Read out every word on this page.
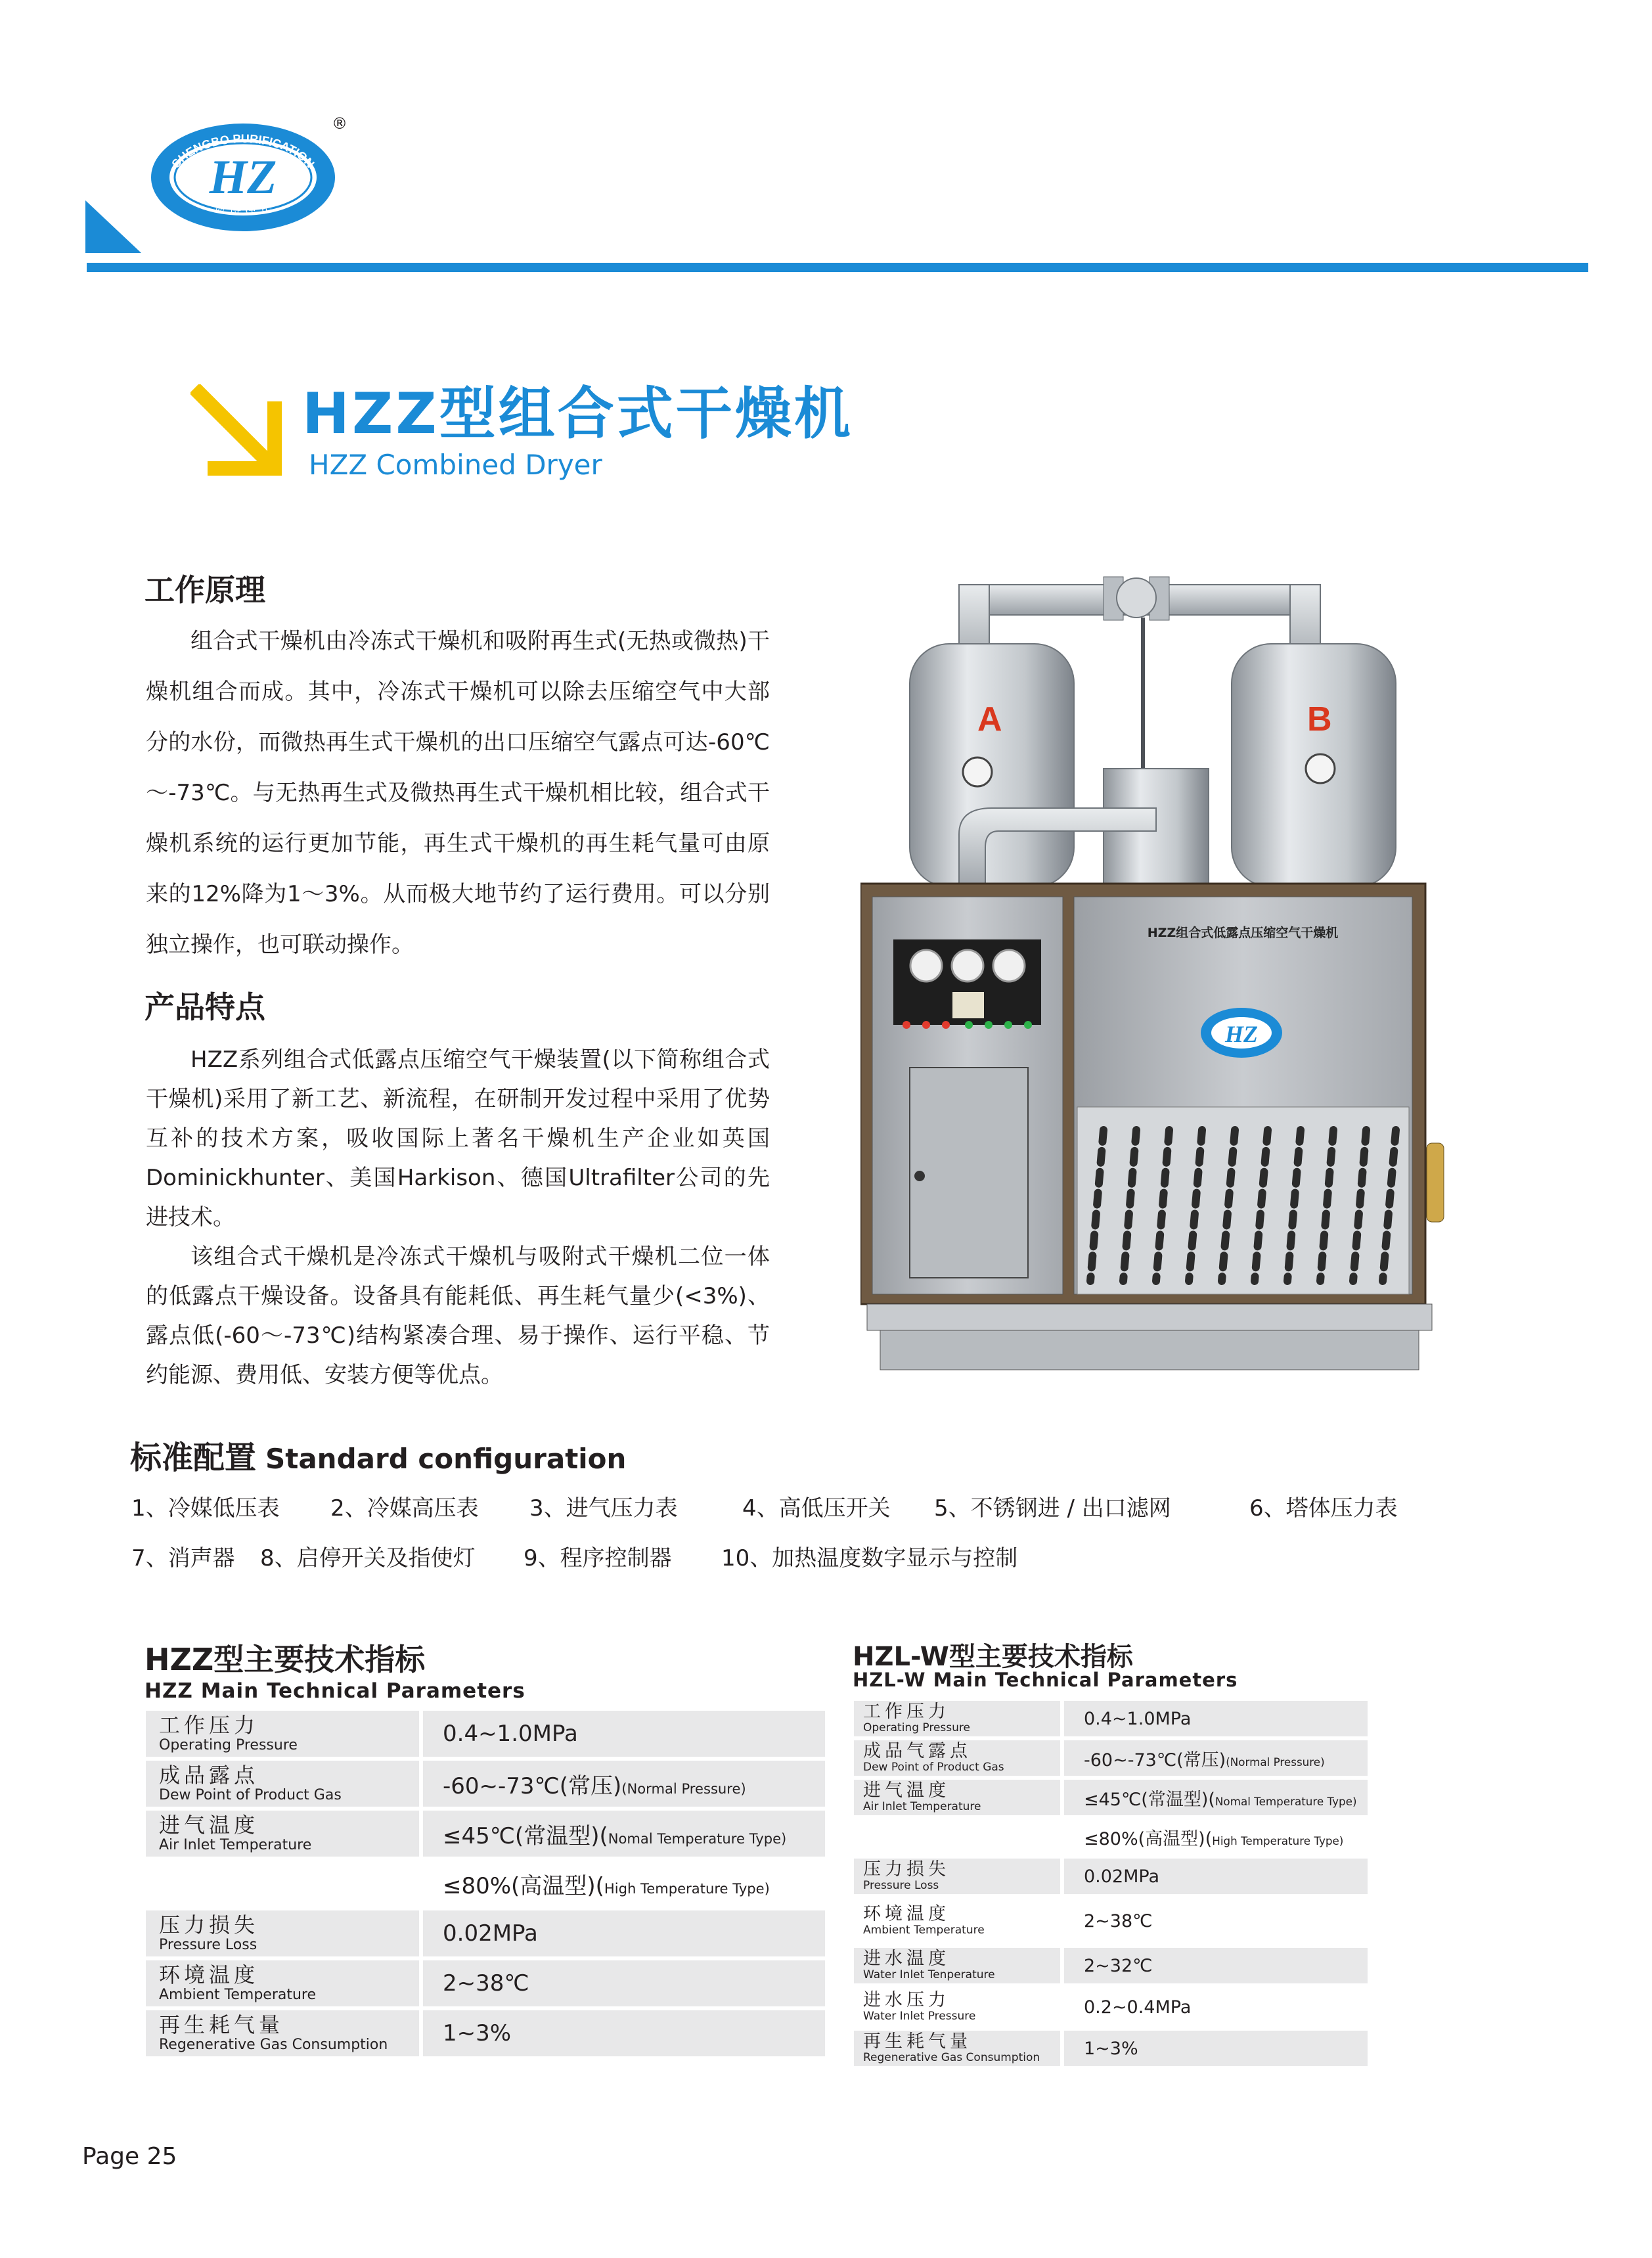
HZ
SHENGBO PURIFICATION
盛 博 淨 化
®
HZZ型组合式干燥机
HZZ Combined Dryer
工作原理

组合式干燥机由冷冻式干燥机和吸附再生式(无热或微热)干燥机组合而成。其中，冷冻式干燥机可以除去压缩空气中大部分的水份，而微热再生式干燥机的出口压缩空气露点可达-60℃～-73℃。与无热再生式及微热再生式干燥机相比较，组合式干燥机系统的运行更加节能，再生式干燥机的再生耗气量可由原来的12%降为1～3%。从而极大地节约了运行费用。可以分别独立操作，也可联动操作。

产品特点

HZZ系列组合式低露点压缩空气干燥装置(以下简称组合式干燥机)采用了新工艺、新流程，在研制开发过程中采用了优势互补的技术方案，吸收国际上著名干燥机生产企业如英国Dominickhunter、美国Harkison、德国Ultrafilter公司的先进技术。

该组合式干燥机是冷冻式干燥机与吸附式干燥机二位一体的低露点干燥设备。设备具有能耗低、再生耗气量少(<3%)、露点低(-60～-73℃)结构紧凑合理、易于操作、运行平稳、节约能源、费用低、安装方便等优点。

A	B
HZZ组合式低露点压缩空气干燥机
HZ
标准配置 Standard configuration
1、冷媒低压表 2、冷媒高压表 3、进气压力表	4、高低压开关 5、不锈钢进 / 出口滤网	6、塔体压力表
7、消声器 8、启停开关及指使灯 9、程序控制器 10、加热温度数字显示与控制
HZZ型主要技术指标
HZZ Main Technical Parameters
工作压力
Operating Pressure	0.4~1.0MPa

成品露点
Dew Point of Product Gas	-60~-73℃(常压)(Normal Pressure)

进气温度
Air Inlet Temperature	≤45℃(常温型)(Nomal Temperature Type)

	≤80%(高温型)(High Temperature Type)

压力损失
Pressure Loss	0.02MPa

环境温度
Ambient Temperature	2~38℃

再生耗气量
Regenerative Gas Consumption	1~3%
HZL-W型主要技术指标
HZL-W Main Technical Parameters
工作压力
Operating Pressure	0.4~1.0MPa

成品气露点
Dew Point of Product Gas	-60~-73℃(常压)(Normal Pressure)

进气温度
Air Inlet Temperature	≤45℃(常温型)(Nomal Temperature Type)

	≤80%(高温型)(High Temperature Type)

压力损失
Pressure Loss	0.02MPa

环境温度
Ambient Temperature	2~38℃

进水温度
Water Inlet Tenperature	2~32℃

进水压力
Water Inlet Pressure	0.2~0.4MPa

再生耗气量
Regenerative Gas Consumption	1~3%
Page 25
